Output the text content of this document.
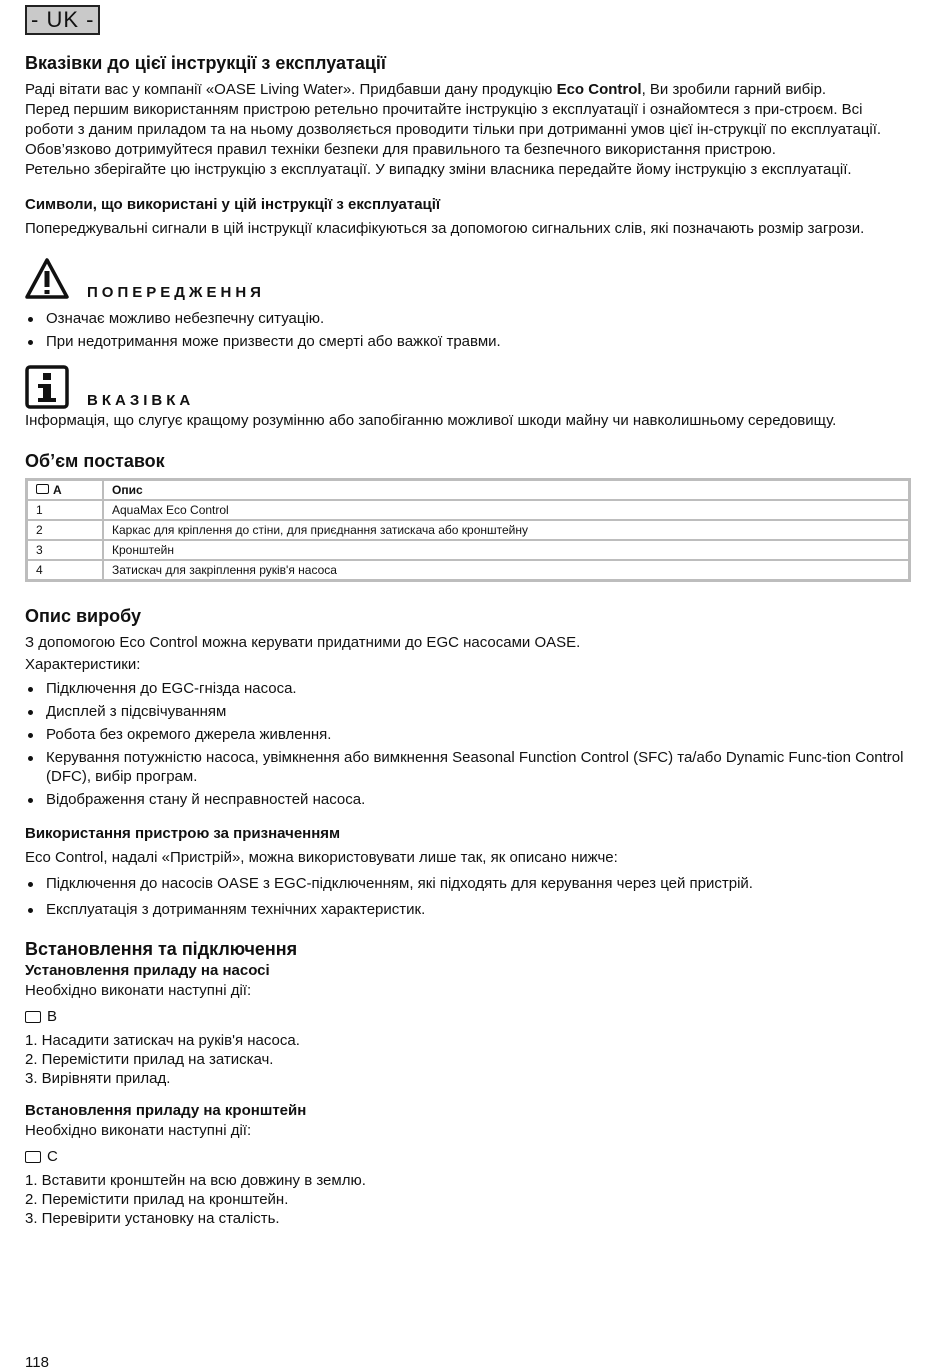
- UK -
Вказівки до цієї інструкції з експлуатації

Раді вітати вас у компанії «OASE Living Water». Придбавши дану продукцію Eco Control, Ви зробили гарний вибір.

Перед першим використанням пристрою ретельно прочитайте інструкцію з експлуатації і ознайомтеся з при-строєм. Всі роботи з даним приладом та на ньому дозволяється проводити тільки при дотриманні умов цієї ін-струкції по експлуатації.

Обов’язково дотримуйтеся правил техніки безпеки для правильного та безпечного використання пристрою.

Ретельно зберігайте цю інструкцію з експлуатації. У випадку зміни власника передайте йому інструкцію з експлуатації.

Символи, що використані у цій інструкції з експлуатації

Попереджувальні сигнали в цій інструкції класифікуються за допомогою сигнальних слів, які позначають розмір загрози.

ПОПЕРЕДЖЕННЯ
Означає можливо небезпечну ситуацію.
При недотримання може призвести до смерті або важкої травми.
ВКАЗІВКА

Інформація, що слугує кращому розумінню або запобіганню можливої шкоди майну чи навколишньому середовищу.

Об’єм поставок
A	Опис
1	AquaMax Eco Control
2	Каркас для кріплення до стіни, для приєднання затискача або кронштейну
3	Кронштейн
4	Затискач для закріплення руків'я насоса
Опис виробу

З допомогою Eco Control можна керувати придатними до EGC насосами OASE.

Характеристики:

Підключення до EGC-гнізда насоса.
Дисплей з підсвічуванням
Робота без окремого джерела живлення.
Керування потужністю насоса, увімкнення або вимкнення Seasonal Function Control (SFC) та/або Dynamic Func-tion Control (DFC), вибір програм.
Відображення стану й несправностей насоса.
Використання пристрою за призначенням

Eco Control, надалі «Пристрій», можна використовувати лише так, як описано нижче:

Підключення до насосів OASE з EGC-підключенням, які підходять для керування через цей пристрій.
Експлуатація з дотриманням технічних характеристик.
Встановлення та підключення
Установлення приладу на насосі

Необхідно виконати наступні дії:

B
1. Насадити затискач на руків'я насоса.
2. Перемістити прилад на затискач.
3. Вирівняти прилад.
Встановлення приладу на кронштейн

Необхідно виконати наступні дії:

C
1. Вставити кронштейн на всю довжину в землю.
2. Перемістити прилад на кронштейн.
3. Перевірити установку на сталість.
118
